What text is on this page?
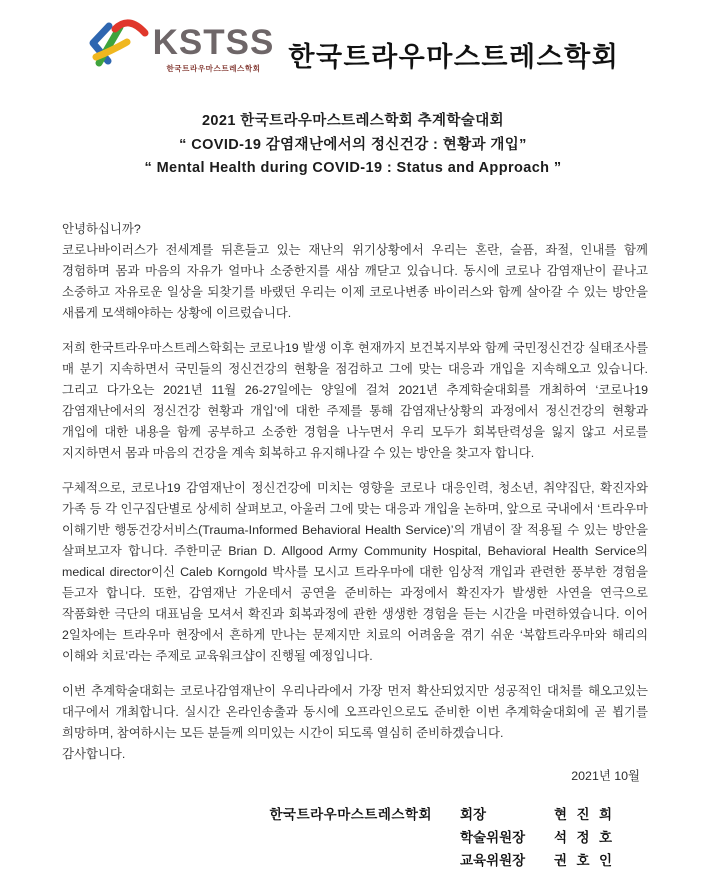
KSTSS
한국트라우마스트레스학회 한국트라우마스트레스학회
2021 한국트라우마스트레스학회 추계학술대회
“ COVID-19 감염재난에서의 정신건강 : 현황과 개입”
“ Mental Health during COVID-19 : Status and Approach ”
안녕하십니까?

코로나바이러스가 전세계를 뒤흔들고 있는 재난의 위기상황에서 우리는 혼란, 슬픔, 좌절, 인내를 함께 경험하며 몸과 마음의 자유가 얼마나 소중한지를 새삼 깨닫고 있습니다. 동시에 코로나 감염재난이 끝나고 소중하고 자유로운 일상을 되찾기를 바랬던 우리는 이제 코로나변종 바이러스와 함께 살아갈 수 있는 방안을 새롭게 모색해야하는 상황에 이르렀습니다.

저희 한국트라우마스트레스학회는 코로나19 발생 이후 현재까지 보건복지부와 함께 국민정신건강 실태조사를 매 분기 지속하면서 국민들의 정신건강의 현황을 점검하고 그에 맞는 대응과 개입을 지속해오고 있습니다. 그리고 다가오는 2021년 11월 26-27일에는 양일에 걸쳐 2021년 추계학술대회를 개최하여 ‘코로나19 감염재난에서의 정신건강 현황과 개입’에 대한 주제를 통해 감염재난상황의 과정에서 정신건강의 현황과 개입에 대한 내용을 함께 공부하고 소중한 경험을 나누면서 우리 모두가 회복탄력성을 잃지 않고 서로를 지지하면서 몸과 마음의 건강을 계속 회복하고 유지해나갈 수 있는 방안을 찾고자 합니다.

구체적으로, 코로나19 감염재난이 정신건강에 미치는 영향을 코로나 대응인력, 청소년, 취약집단, 확진자와 가족 등 각 인구집단별로 상세히 살펴보고, 아울러 그에 맞는 대응과 개입을 논하며, 앞으로 국내에서 ‘트라우마 이해기반 행동건강서비스(Trauma-Informed Behavioral Health Service)’의 개념이 잘 적용될 수 있는 방안을 살펴보고자 합니다. 주한미군 Brian D. Allgood Army Community Hospital, Behavioral Health Service의 medical director이신 Caleb Korngold 박사를 모시고 트라우마에 대한 임상적 개입과 관련한 풍부한 경험을 듣고자 합니다. 또한, 감염재난 가운데서 공연을 준비하는 과정에서 확진자가 발생한 사연을 연극으로 작품화한 극단의 대표님을 모셔서 확진과 회복과정에 관한 생생한 경험을 듣는 시간을 마련하였습니다. 이어 2일차에는 트라우마 현장에서 흔하게 만나는 문제지만 치료의 어려움을 겪기 쉬운 ‘복합트라우마와 해리의 이해와 치료’라는 주제로 교육워크샵이 진행될 예정입니다.

이번 추계학술대회는 코로나감염재난이 우리나라에서 가장 먼저 확산되었지만 성공적인 대처를 해오고있는 대구에서 개최합니다. 실시간 온라인송출과 동시에 오프라인으로도 준비한 이번 추계학술대회에 곧 뵙기를 희망하며, 참여하시는 모든 분들께 의미있는 시간이 되도록 열심히 준비하겠습니다.

감사합니다.
2021년 10월
한국트라우마스트레스학회 회장	현 진 희
학술위원장	석 정 호
교육위원장	권 호 인
